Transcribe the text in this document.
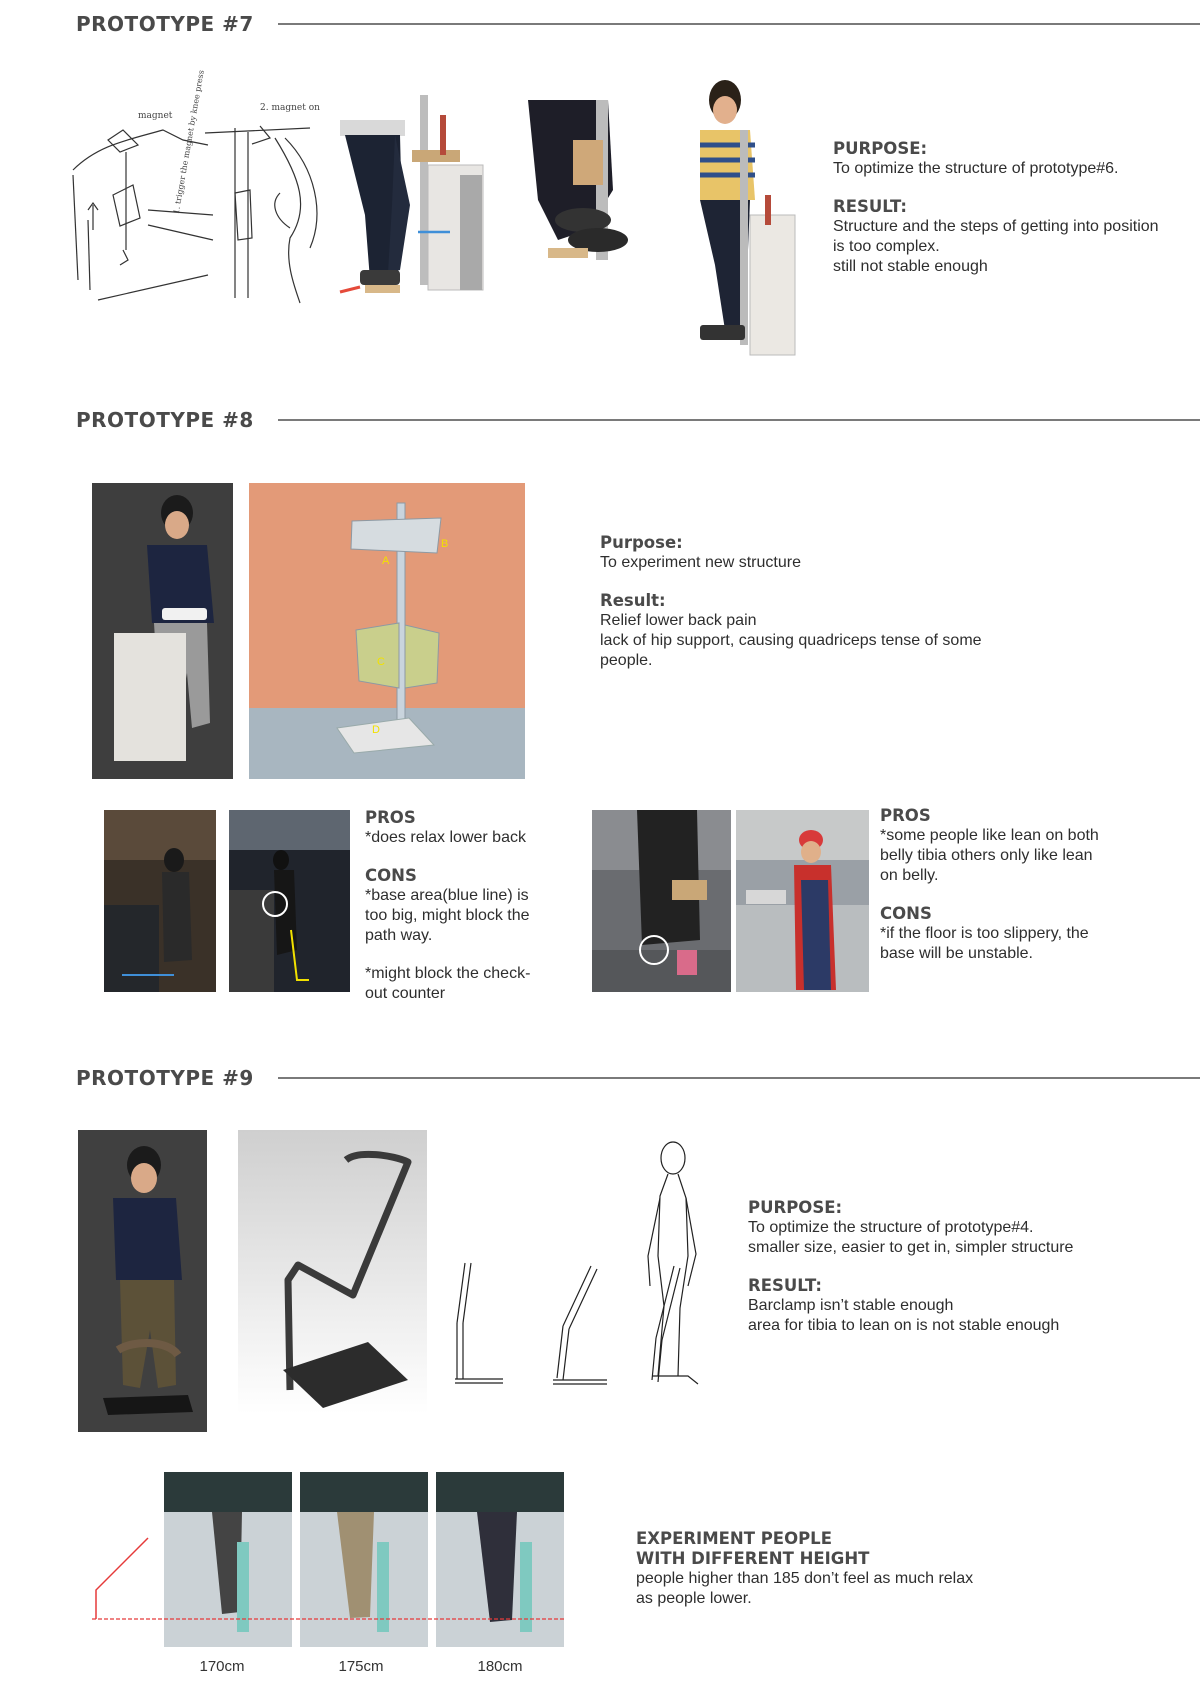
PROTOTYPE #7
magnet
2. magnet on
1. trigger the magnet by knee press	PURPOSE:

To optimize the structure of prototype#6.

RESULT:

Structure and the steps of getting into position

is too complex.

still not stable enough

PROTOTYPE #8
A
B
C
D

Purpose:

To experiment new structure

Result:

Relief lower back pain

lack of hip support, causing quadriceps tense of some

people.

PROS

*does relax lower back

CONS

*base area(blue line) is

too big, might block the

path way.

*might block the check-

out counter

PROS

*some people like lean on both

belly tibia others only like lean

on belly.

CONS

*if the floor is too slippery, the

base will be unstable.

PROTOTYPE #9

PURPOSE:

To optimize the structure of prototype#4.

smaller size, easier to get in, simpler structure

RESULT:

Barclamp isn’t stable enough

area for tibia to lean on is not stable enough

170cm	175cm	180cm

EXPERIMENT PEOPLE

WITH DIFFERENT HEIGHT

people higher than 185 don’t feel as much relax

as people lower.
